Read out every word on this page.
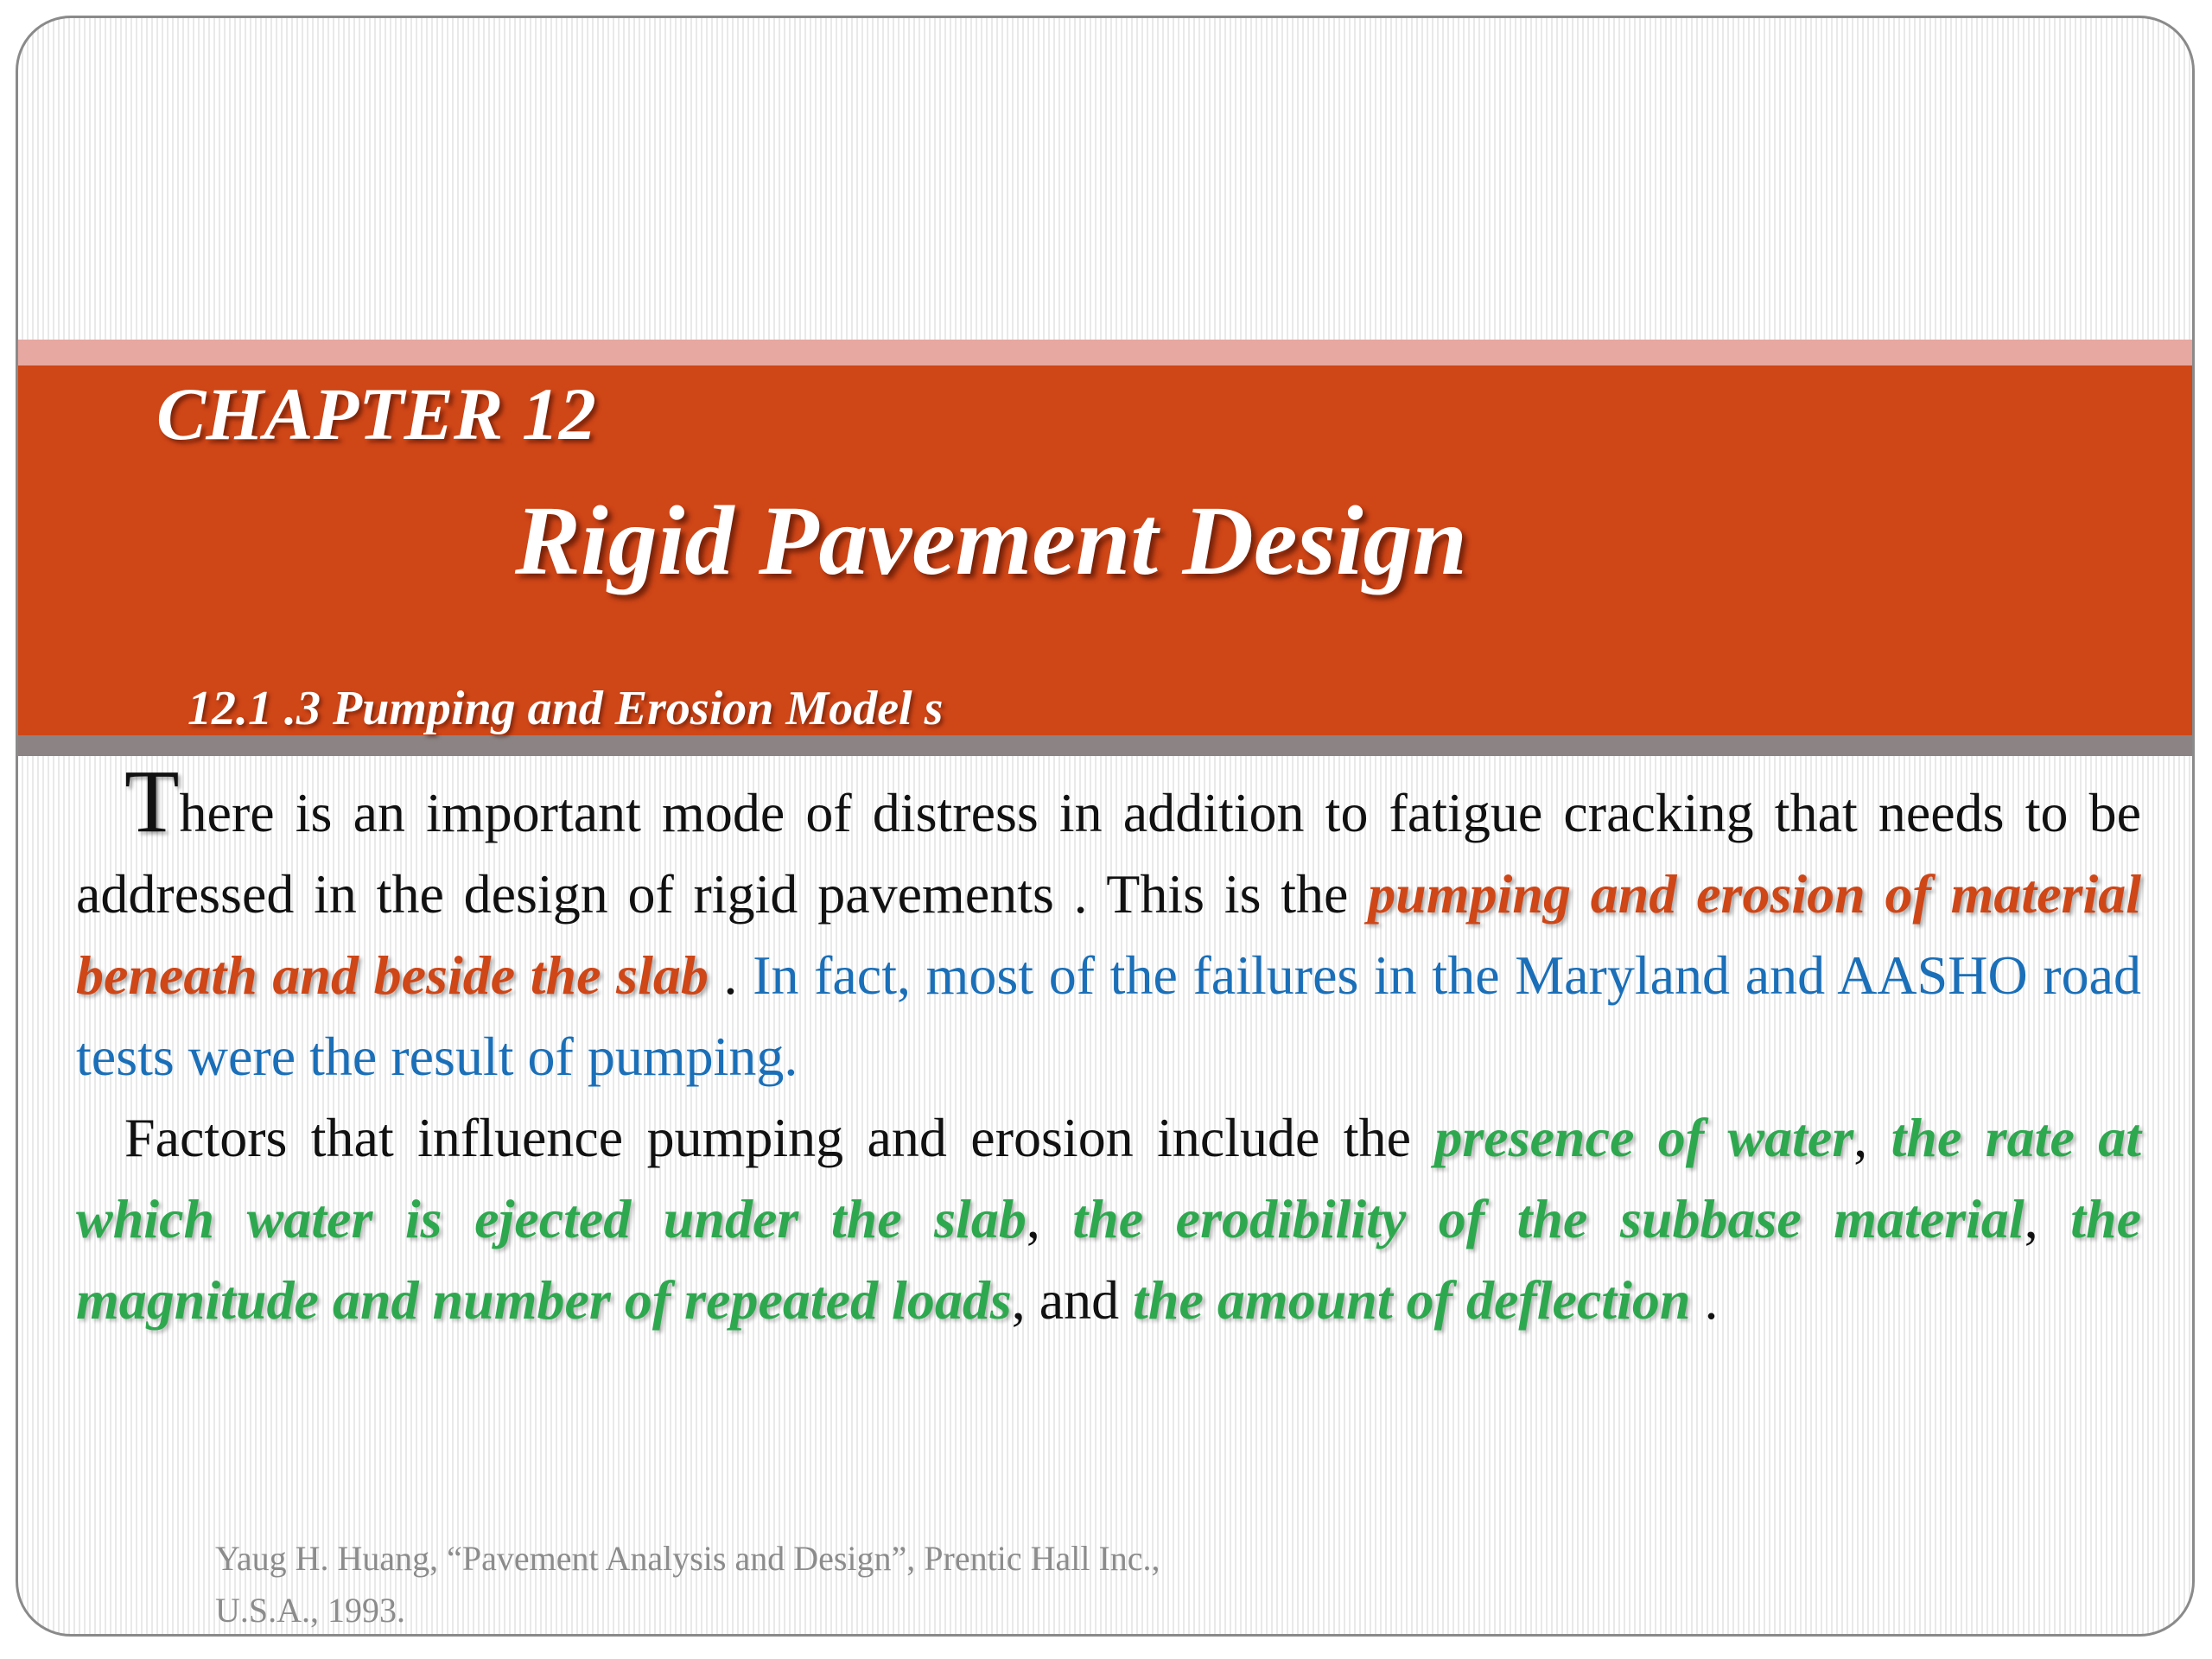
CHAPTER 12
Rigid Pavement Design
12.1 .3 Pumping and Erosion Model s

There is an important mode of distress in addition to fatigue cracking that needs to be addressed in the design of rigid pavements . This is the pumping and erosion of material beneath and beside the slab . In fact, most of the failures in the Maryland and AASHO road tests were the result of pumping.

Factors that influence pumping and erosion include the presence of water, the rate at which water is ejected under the slab, the erodibility of the subbase material, the magnitude and number of repeated loads, and the amount of deflection .

Yaug H. Huang, “Pavement Analysis and Design”, Prentic Hall Inc.,
U.S.A., 1993.
